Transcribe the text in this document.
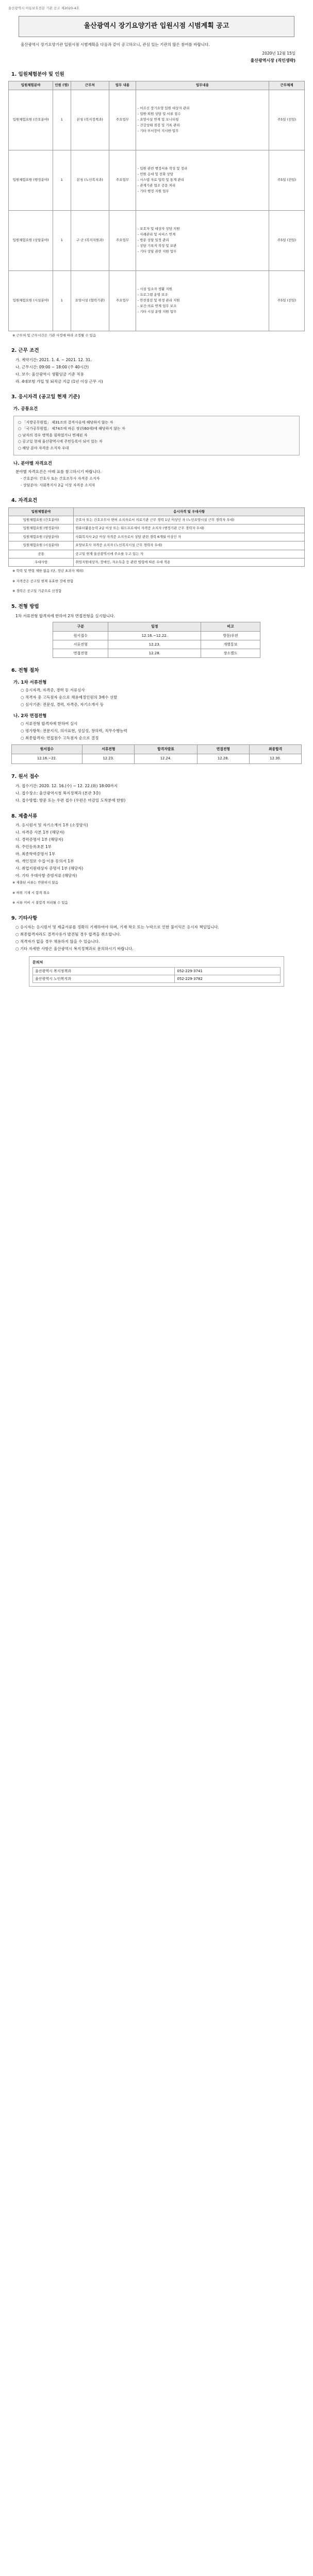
울산광역시 아동보호전문 기관 공고 제2020-4호
울산광역시 장기요양기관 입원시점 시범계획 공고
울산광역시 장기요양기관 입원시점 시범계획을 다음과 같이 공고하오니, 관심 있는 기관의 많은 참여를 바랍니다.
2020년 12월 15일
울산광역시장 (직인생략)
1. 입원체험분야 및 인원
입원체험분야	인원 (명)	근무처	업무 내용	업무내용	근무체제
입원체험요원 (간호분야)	1	본청 (복지정책과)	주요업무	- 어르신 장기요양 입원 대상자 관리
- 입원·퇴원 상담 및 서류 접수
- 요양시설 연계 및 모니터링
- 건강상태 점검 및 기록 관리
- 기타 부서장이 지시한 업무	주5일 (전일)
입원체험요원 (행정분야)	1	본청 (노인복지과)	주요업무	- 입원 관련 행정서류 작성 및 정리
- 민원 응대 및 전화 상담
- 시스템 자료 입력 및 통계 관리
- 관계기관 협조 공문 처리
- 기타 행정 지원 업무	주5일 (전일)
입원체험요원 (상담분야)	1	구·군 (복지지원과)	주요업무	- 보호자 및 대상자 상담 지원
- 사례관리 및 서비스 연계
- 방문 상담 일정 관리
- 상담 기록지 작성 및 보관
- 기타 상담 관련 지원 업무	주5일 (전일)
입원체험요원 (시설분야)	1	요양시설 (협력기관)	주요업무	- 시설 입소자 생활 지원
- 프로그램 운영 보조
- 안전점검 및 위생 관리 지원
- 보건·의료 연계 업무 보조
- 기타 시설 운영 지원 업무	주5일 (전일)
※ 근무처 및 근무시간은 기관 사정에 따라 조정될 수 있음
2. 근무 조건
가. 계약기간: 2021. 1. 4. ~ 2021. 12. 31.
나. 근무시간: 09:00 ~ 18:00 (주 40시간)
다. 보수: 울산광역시 생활임금 기준 적용
라. 4대보험 가입 및 퇴직금 지급 (1년 이상 근무 시)
3. 응시자격 (공고일 현재 기준)
가. 공통요건
○ 「지방공무원법」 제31조의 결격사유에 해당하지 않는 자
○ 「국가공무원법」 제74조에 따른 정년(60세)에 해당하지 않는 자
○ 남자의 경우 병역을 필하였거나 면제된 자
○ 공고일 현재 울산광역시에 주민등록이 되어 있는 자
○ 해당 분야 자격증 소지자 우대
나. 분야별 자격요건
분야별 자격요건은 아래 표를 참고하시기 바랍니다.
- 간호분야: 간호사 또는 간호조무사 자격증 소지자
- 상담분야: 사회복지사 2급 이상 자격증 소지자
4. 자격요건
입원체험분야	응시자격 및 우대사항
입원체험요원 (간호분야)	간호사 또는 간호조무사 면허 소지자로서 의료기관 근무 경력 1년 이상인 자 (노인요양시설 근무 경력자 우대)
입원체험요원 (행정분야)	컴퓨터활용능력 2급 이상 또는 워드프로세서 자격증 소지자 (행정기관 근무 경력자 우대)
입원체험요원 (상담분야)	사회복지사 2급 이상 자격증 소지자로서 상담 관련 경력 6개월 이상인 자
입원체험요원 (시설분야)	요양보호사 자격증 소지자 (노인복지시설 근무 경력자 우대)
공통	공고일 현재 울산광역시에 주소를 두고 있는 자
우대사항	취업지원대상자, 장애인, 저소득층 등 관련 법령에 따른 우대 적용
※ 학력 및 연령 제한 없음 (단, 정년 초과자 제외)
※ 자격증은 공고일 현재 유효한 것에 한함
※ 경력은 공고일 기준으로 산정함
5. 전형 방법
1차 서류전형 합격자에 한하여 2차 면접전형을 실시합니다.
구분	일정	비고
원서접수	12.16.~12.22.	방문/우편
서류전형	12.23.	개별통보
면접전형	12.28.	장소별도
6. 전형 절차
가. 1차 서류전형
○ 응시자격, 자격증, 경력 등 서류심사
○ 적격자 중 고득점자 순으로 채용예정인원의 3배수 선발
○ 심사기준: 전문성, 경력, 자격증, 자기소개서 등
나. 2차 면접전형
○ 서류전형 합격자에 한하여 실시
○ 평가항목: 전문지식, 의사표현, 성실성, 창의력, 직무수행능력
○ 최종합격자: 면접점수 고득점자 순으로 결정
원서접수	서류전형	합격자발표	면접전형	최종합격
12.16.~22.	12.23.	12.24.	12.28.	12.30.
7. 원서 접수
가. 접수기간: 2020. 12. 16.(수) ~ 12. 22.(화) 18:00까지
나. 접수장소: 울산광역시청 복지정책과 (본관 3층)
다. 접수방법: 방문 또는 우편 접수 (우편은 마감일 도착분에 한함)
8. 제출서류
가. 응시원서 및 자기소개서 1부 (소정양식)
나. 자격증 사본 1부 (해당자)
다. 경력증명서 1부 (해당자)
라. 주민등록초본 1부
마. 최종학력증명서 1부
바. 개인정보 수집·이용 동의서 1부
사. 취업지원대상자 증명서 1부 (해당자)
아. 기타 우대사항 증빙서류 (해당자)
※ 제출된 서류는 반환하지 않음
※ 허위 기재 시 합격 취소
※ 서류 미비 시 불합격 처리될 수 있음
9. 기타사항
○ 응시자는 응시원서 및 제출서류를 정확히 기재하여야 하며, 기재 착오 또는 누락으로 인한 불이익은 응시자 책임입니다.
○ 최종합격자라도 결격사유가 발견될 경우 합격을 취소합니다.
○ 적격자가 없을 경우 채용하지 않을 수 있습니다.
○ 기타 자세한 사항은 울산광역시 복지정책과로 문의하시기 바랍니다.
문의처
울산광역시 복지정책과	052-229-3741
울산광역시 노인복지과	052-229-3782
